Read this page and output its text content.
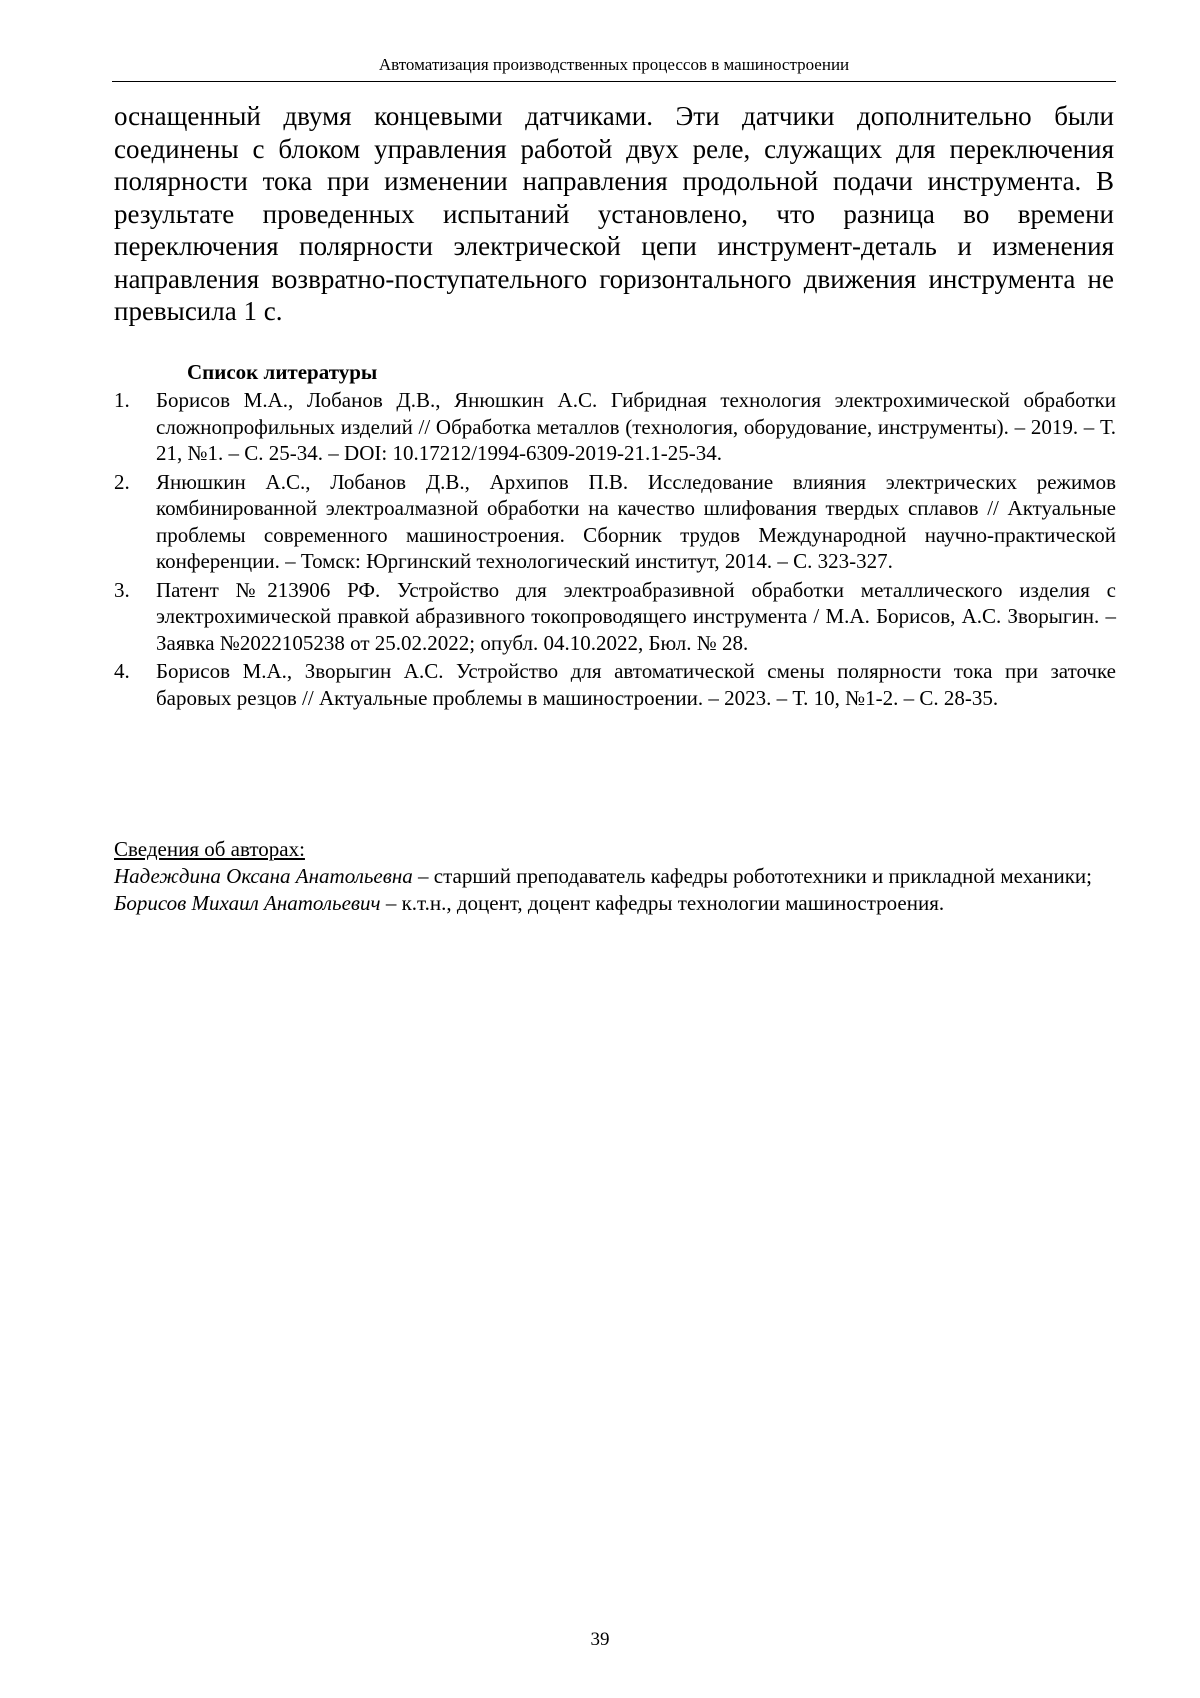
Автоматизация производственных процессов в машиностроении

оснащенный двумя концевыми датчиками. Эти датчики дополнительно были соединены с блоком управления работой двух реле, служащих для переключения полярности тока при изменении направления продольной подачи инструмента. В результате проведенных испытаний установлено, что разница во времени переключения полярности электрической цепи инструмент-деталь и изменения направления возвратно-поступательного горизонтального движения инструмента не превысила 1 с.

Список литературы
1. Борисов М.А., Лобанов Д.В., Янюшкин А.С. Гибридная технология электрохимической обработки сложнопрофильных изделий // Обработка металлов (технология, оборудование, инструменты). – 2019. – Т. 21, №1. – С. 25-34. – DOI: 10.17212/1994-6309-2019-21.1-25-34.
2. Янюшкин А.С., Лобанов Д.В., Архипов П.В. Исследование влияния электрических режимов комбинированной электроалмазной обработки на качество шлифования твердых сплавов // Актуальные проблемы современного машиностроения. Сборник трудов Международной научно-практической конференции. – Томск: Юргинский технологический институт, 2014. – С. 323-327.
3. Патент №213906 РФ. Устройство для электроабразивной обработки металлического изделия с электрохимической правкой абразивного токопроводящего инструмента / М.А. Борисов, А.С. Зворыгин. – Заявка №2022105238 от 25.02.2022; опубл. 04.10.2022, Бюл. № 28.
4. Борисов М.А., Зворыгин А.С. Устройство для автоматической смены полярности тока при заточке баровых резцов // Актуальные проблемы в машиностроении. – 2023. – Т. 10, №1-2. – С. 28-35.
Сведения об авторах:
Надеждина Оксана Анатольевна – старший преподаватель кафедры робототехники и прикладной механики;
Борисов Михаил Анатольевич – к.т.н., доцент, доцент кафедры технологии машиностроения.
39
